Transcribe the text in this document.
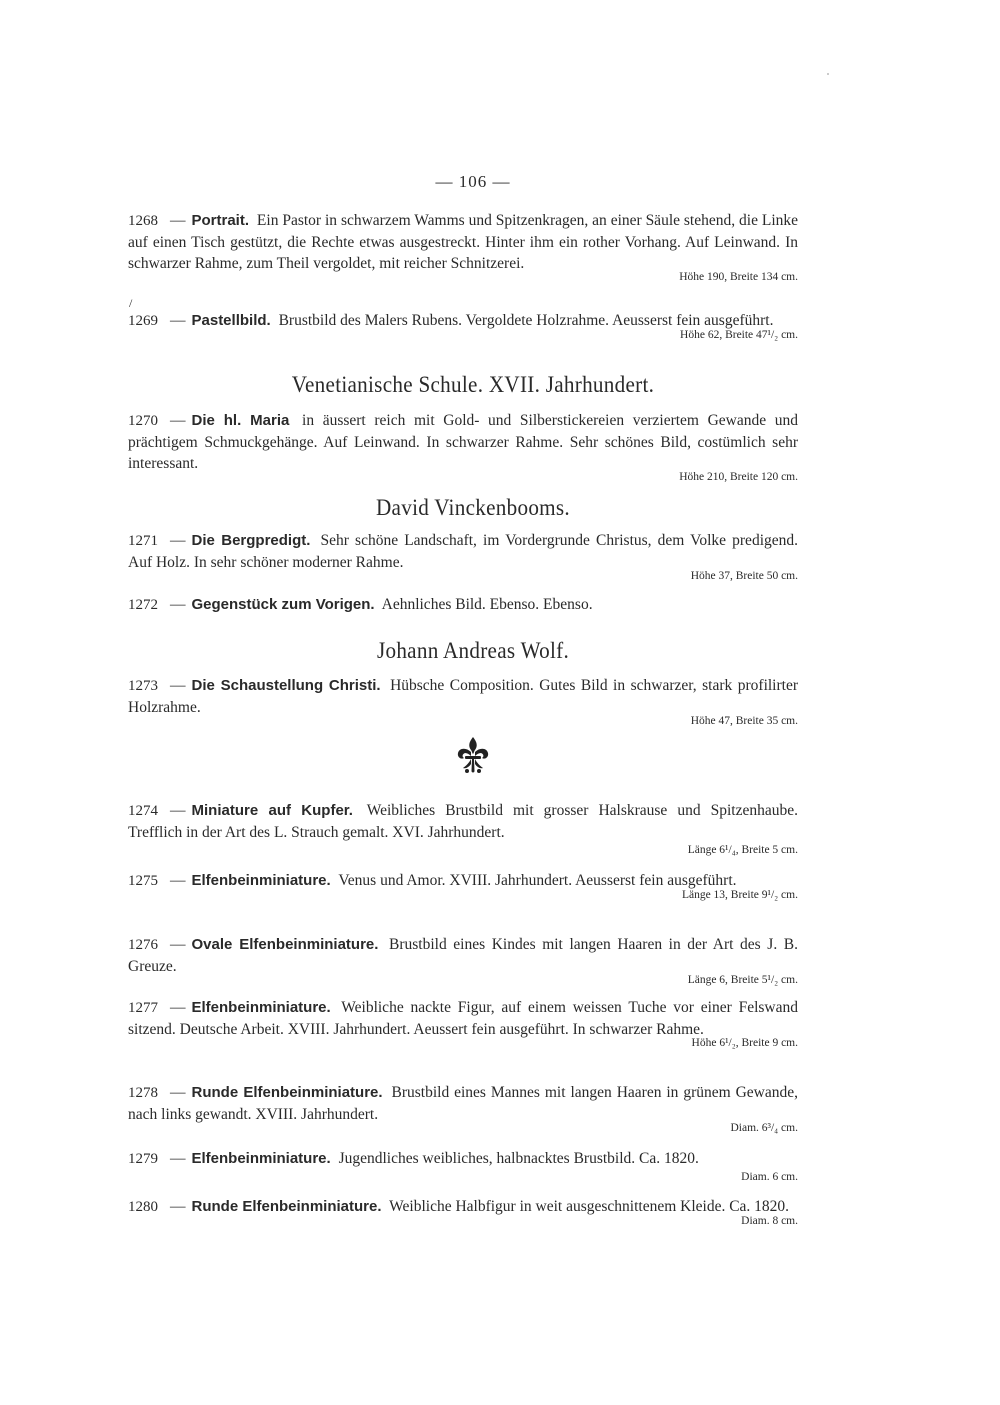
— 106 —
1268 — Portrait. Ein Pastor in schwarzem Wamms und Spitzenkragen, an einer Säule stehend, die Linke auf einen Tisch gestützt, die Rechte etwas ausgestreckt. Hinter ihm ein rother Vorhang. Auf Leinwand. In schwarzer Rahme, zum Theil vergoldet, mit reicher Schnitzerei.
Höhe 190, Breite 134 cm.
/
1269 — Pastellbild. Brustbild des Malers Rubens. Vergoldete Holzrahme. Aeusserst fein ausgeführt.
Höhe 62, Breite 47¹/₂ cm.
Venetianische Schule. XVII. Jahrhundert.
1270 — Die hl. Maria in äussert reich mit Gold- und Silberstickereien verziertem Gewande und prächtigem Schmuckgehänge. Auf Leinwand. In schwarzer Rahme. Sehr schönes Bild, costümlich sehr interessant.
Höhe 210, Breite 120 cm.
David Vinckenbooms.
1271 — Die Bergpredigt. Sehr schöne Landschaft, im Vordergrunde Christus, dem Volke predigend. Auf Holz. In sehr schöner moderner Rahme.
Höhe 37, Breite 50 cm.
1272 — Gegenstück zum Vorigen. Aehnliches Bild. Ebenso. Ebenso.
Johann Andreas Wolf.
1273 — Die Schaustellung Christi. Hübsche Composition. Gutes Bild in schwarzer, stark profilirter Holzrahme.
Höhe 47, Breite 35 cm.
1274 — Miniature auf Kupfer. Weibliches Brustbild mit grosser Halskrause und Spitzenhaube. Trefflich in der Art des L. Strauch gemalt. XVI. Jahrhundert.
Länge 6¹/₄, Breite 5 cm.
1275 — Elfenbeinminiature. Venus und Amor. XVIII. Jahrhundert. Aeusserst fein ausgeführt.
Länge 13, Breite 9¹/₂ cm.
1276 — Ovale Elfenbeinminiature. Brustbild eines Kindes mit langen Haaren in der Art des J. B. Greuze.
Länge 6, Breite 5¹/₂ cm.
1277 — Elfenbeinminiature. Weibliche nackte Figur, auf einem weissen Tuche vor einer Felswand sitzend. Deutsche Arbeit. XVIII. Jahrhundert. Aeussert fein ausgeführt. In schwarzer Rahme.
Höhe 6¹/₂, Breite 9 cm.
1278 — Runde Elfenbeinminiature. Brustbild eines Mannes mit langen Haaren in grünem Gewande, nach links gewandt. XVIII. Jahrhundert.
Diam. 6³/₄ cm.
1279 — Elfenbeinminiature. Jugendliches weibliches, halbnacktes Brustbild. Ca. 1820.
Diam. 6 cm.
1280 — Runde Elfenbeinminiature. Weibliche Halbfigur in weit ausgeschnittenem Kleide. Ca. 1820.
Diam. 8 cm.
